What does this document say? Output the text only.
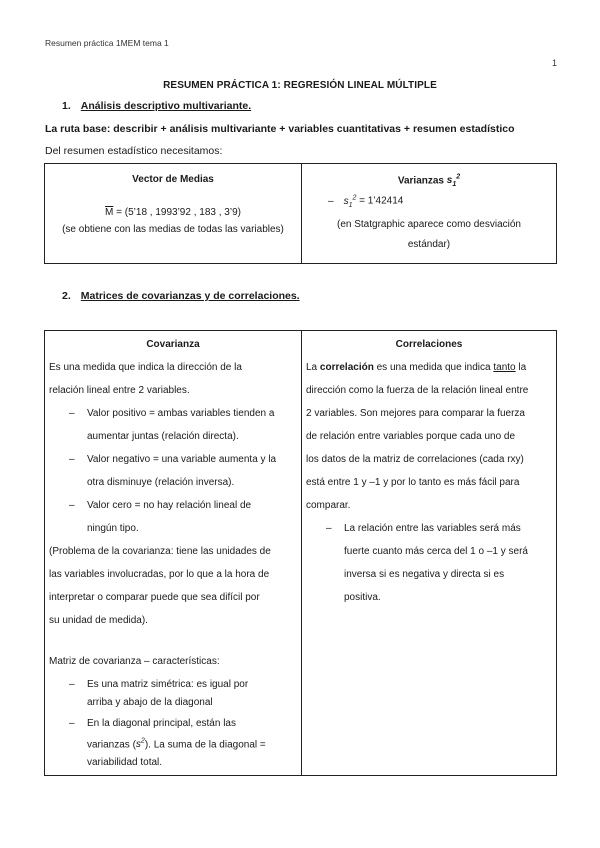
Resumen práctica 1MEM tema 1
1
RESUMEN PRÁCTICA 1: REGRESIÓN LINEAL MÚLTIPLE
1. Análisis descriptivo multivariante.
La ruta base: describir + análisis multivariante + variables cuantitativas + resumen estadístico
Del resumen estadístico necesitamos:
Vector de Medias
$\overline{M}$ = (5’18 , 1993’92 , 183 , 3’9)
(se obtiene con las medias de todas las variables)

Varianzas $s_1^2$
– $s_1^2$ = 1’42414
(en Statgraphic aparece como desviación estándar)
2. Matrices de covarianzas y de correlaciones.
Covarianza
Es una medida que indica la dirección de la
relación lineal entre 2 variables.
– Valor positivo = ambas variables tienden a
aumentar juntas (relación directa).
– Valor negativo = una variable aumenta y la
otra disminuye (relación inversa).
– Valor cero = no hay relación lineal de
ningún tipo.
(Problema de la covarianza: tiene las unidades de
las variables involucradas, por lo que a la hora de
interpretar o comparar puede que sea difícil por
su unidad de medida).
Matriz de covarianza – características:
– Es una matriz simétrica: es igual por
arriba y abajo de la diagonal
– En la diagonal principal, están las
varianzas $(s^2)$. La suma de la diagonal =
variabilidad total.

Correlaciones
La correlación es una medida que indica tanto la
dirección como la fuerza de la relación lineal entre
2 variables. Son mejores para comparar la fuerza
de relación entre variables porque cada uno de
los datos de la matriz de correlaciones (cada rxy)
está entre 1 y –1 y por lo tanto es más fácil para
comparar.
– La relación entre las variables será más
fuerte cuanto más cerca del 1 o –1 y será
inversa si es negativa y directa si es
positiva.
